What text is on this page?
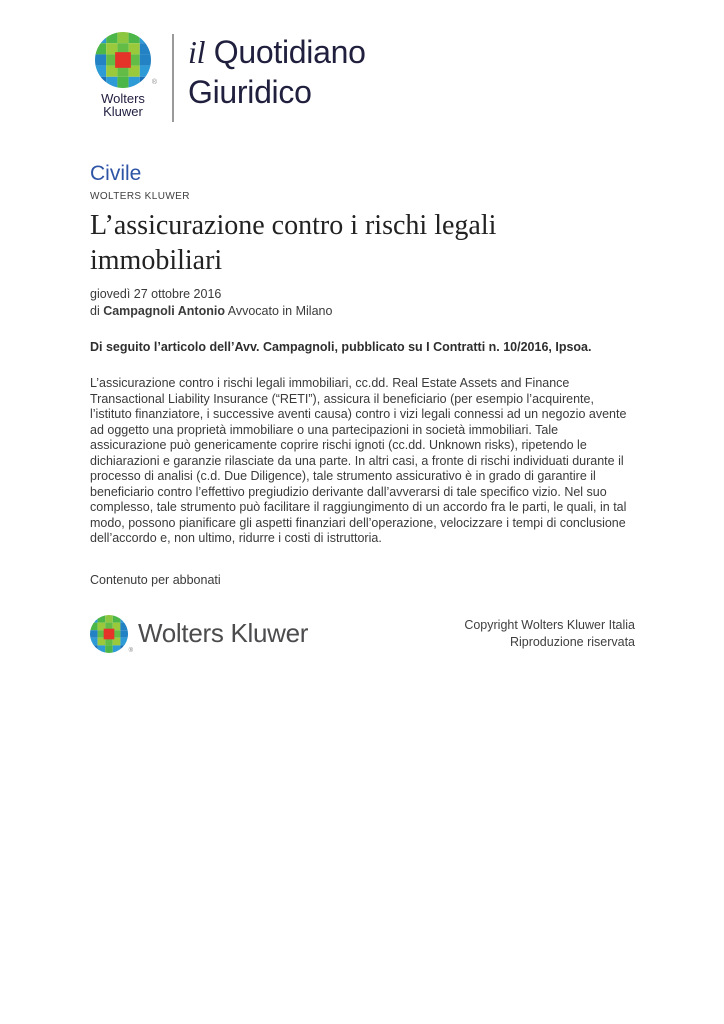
®
Wolters
Kluwer
il Quotidiano
Giuridico
Civile
WOLTERS KLUWER
L’assicurazione contro i rischi legali immobiliari
giovedì 27 ottobre 2016
di Campagnoli Antonio Avvocato in Milano

Di seguito l’articolo dell’Avv. Campagnoli, pubblicato su I Contratti n. 10/2016, Ipsoa.

L’assicurazione contro i rischi legali immobiliari, cc.dd. Real Estate Assets and Finance Transactional Liability Insurance (“RETI”), assicura il beneficiario (per esempio l’acquirente, l’istituto finanziatore, i successive aventi causa) contro i vizi legali connessi ad un negozio avente ad oggetto una proprietà immobiliare o una partecipazioni in società immobiliari. Tale assicurazione può genericamente coprire rischi ignoti (cc.dd. Unknown risks), ripetendo le dichiarazioni e garanzie rilasciate da una parte. In altri casi, a fronte di rischi individuati durante il processo di analisi (c.d. Due Diligence), tale strumento assicurativo è in grado di garantire il beneficiario contro l’effettivo pregiudizio derivante dall’avverarsi di tale specifico vizio. Nel suo complesso, tale strumento può facilitare il raggiungimento di un accordo fra le parti, le quali, in tal modo, possono pianificare gli aspetti finanziari dell’operazione, velocizzare i tempi di conclusione dell’accordo e, non ultimo, ridurre i costi di istruttoria.

Contenuto per abbonati
®
Wolters Kluwer	Copyright Wolters Kluwer Italia
Riproduzione riservata
